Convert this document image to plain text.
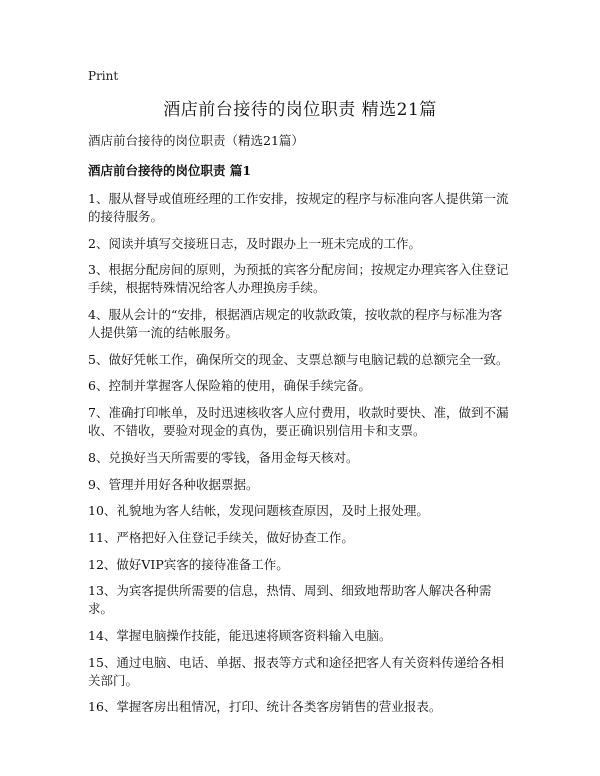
Print
酒店前台接待的岗位职责 精选21篇
酒店前台接待的岗位职责（精选21篇）
酒店前台接待的岗位职责 篇1
1、服从督导或值班经理的工作安排，按规定的程序与标准向客人提供第一流的接待服务。
2、阅读并填写交接班日志，及时跟办上一班未完成的工作。
3、根据分配房间的原则，为预抵的宾客分配房间；按规定办理宾客入住登记手续，根据特殊情况给客人办理换房手续。
4、服从会计的“安排，根据酒店规定的收款政策，按收款的程序与标准为客人提供第一流的结帐服务。
5、做好凭帐工作，确保所交的现金、支票总额与电脑记载的总额完全一致。
6、控制并掌握客人保险箱的使用，确保手续完备。
7、准确打印帐单，及时迅速核收客人应付费用，收款时要快、准，做到不漏收、不错收，要验对现金的真伪，要正确识别信用卡和支票。
8、兑换好当天所需要的零钱，备用金每天核对。
9、管理并用好各种收据票据。
10、礼貌地为客人结帐，发现问题核查原因，及时上报处理。
11、严格把好入住登记手续关，做好协查工作。
12、做好VIP宾客的接待准备工作。
13、为宾客提供所需要的信息，热情、周到、细致地帮助客人解决各种需求。
14、掌握电脑操作技能，能迅速将顾客资料输入电脑。
15、通过电脑、电话、单据、报表等方式和途径把客人有关资料传递给各相关部门。
16、掌握客房出租情况，打印、统计各类客房销售的营业报表。
